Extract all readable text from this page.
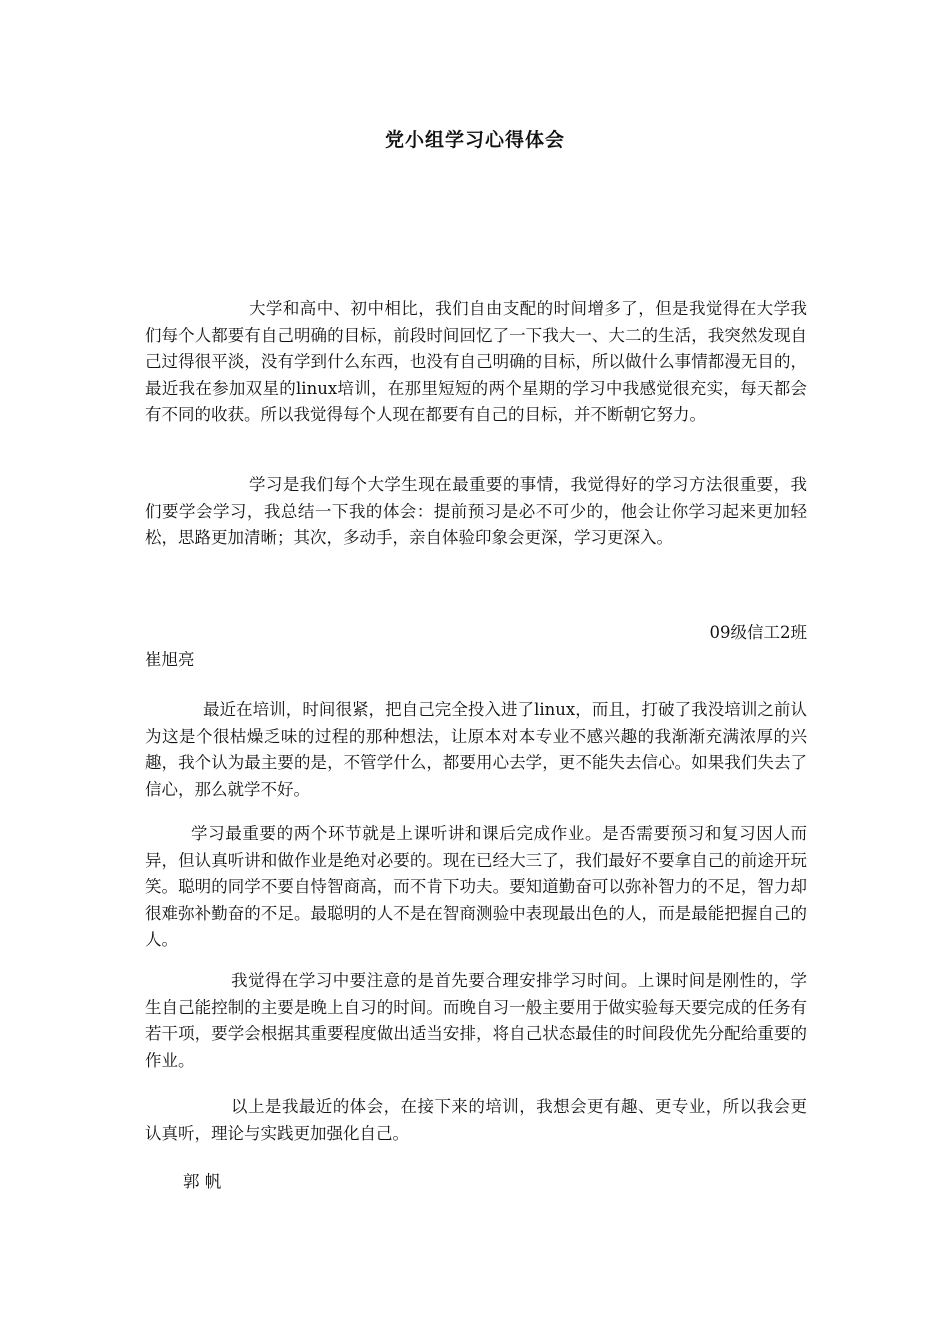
党小组学习心得体会

大学和高中、初中相比，我们自由支配的时间增多了，但是我觉得在大学我们每个人都要有自己明确的目标，前段时间回忆了一下我大一、大二的生活，我突然发现自己过得很平淡，没有学到什么东西，也没有自己明确的目标，所以做什么事情都漫无目的，最近我在参加双星的linux培训，在那里短短的两个星期的学习中我感觉很充实，每天都会有不同的收获。所以我觉得每个人现在都要有自己的目标，并不断朝它努力。

学习是我们每个大学生现在最重要的事情，我觉得好的学习方法很重要，我们要学会学习，我总结一下我的体会：提前预习是必不可少的，他会让你学习起来更加轻松，思路更加清晰；其次，多动手，亲自体验印象会更深，学习更深入。

09级信工2班
崔旭亮

最近在培训，时间很紧，把自己完全投入进了linux，而且，打破了我没培训之前认为这是个很枯燥乏味的过程的那种想法，让原本对本专业不感兴趣的我渐渐充满浓厚的兴趣，我个认为最主要的是，不管学什么，都要用心去学，更不能失去信心。如果我们失去了信心，那么就学不好。

学习最重要的两个环节就是上课听讲和课后完成作业。是否需要预习和复习因人而异，但认真听讲和做作业是绝对必要的。现在已经大三了，我们最好不要拿自己的前途开玩笑。聪明的同学不要自恃智商高，而不肯下功夫。要知道勤奋可以弥补智力的不足，智力却很难弥补勤奋的不足。最聪明的人不是在智商测验中表现最出色的人，而是最能把握自己的人。

我觉得在学习中要注意的是首先要合理安排学习时间。上课时间是刚性的，学生自己能控制的主要是晚上自习的时间。而晚自习一般主要用于做实验每天要完成的任务有若干项，要学会根据其重要程度做出适当安排，将自己状态最佳的时间段优先分配给重要的作业。

以上是我最近的体会，在接下来的培训，我想会更有趣、更专业，所以我会更认真听，理论与实践更加强化自己。

郭 帆
